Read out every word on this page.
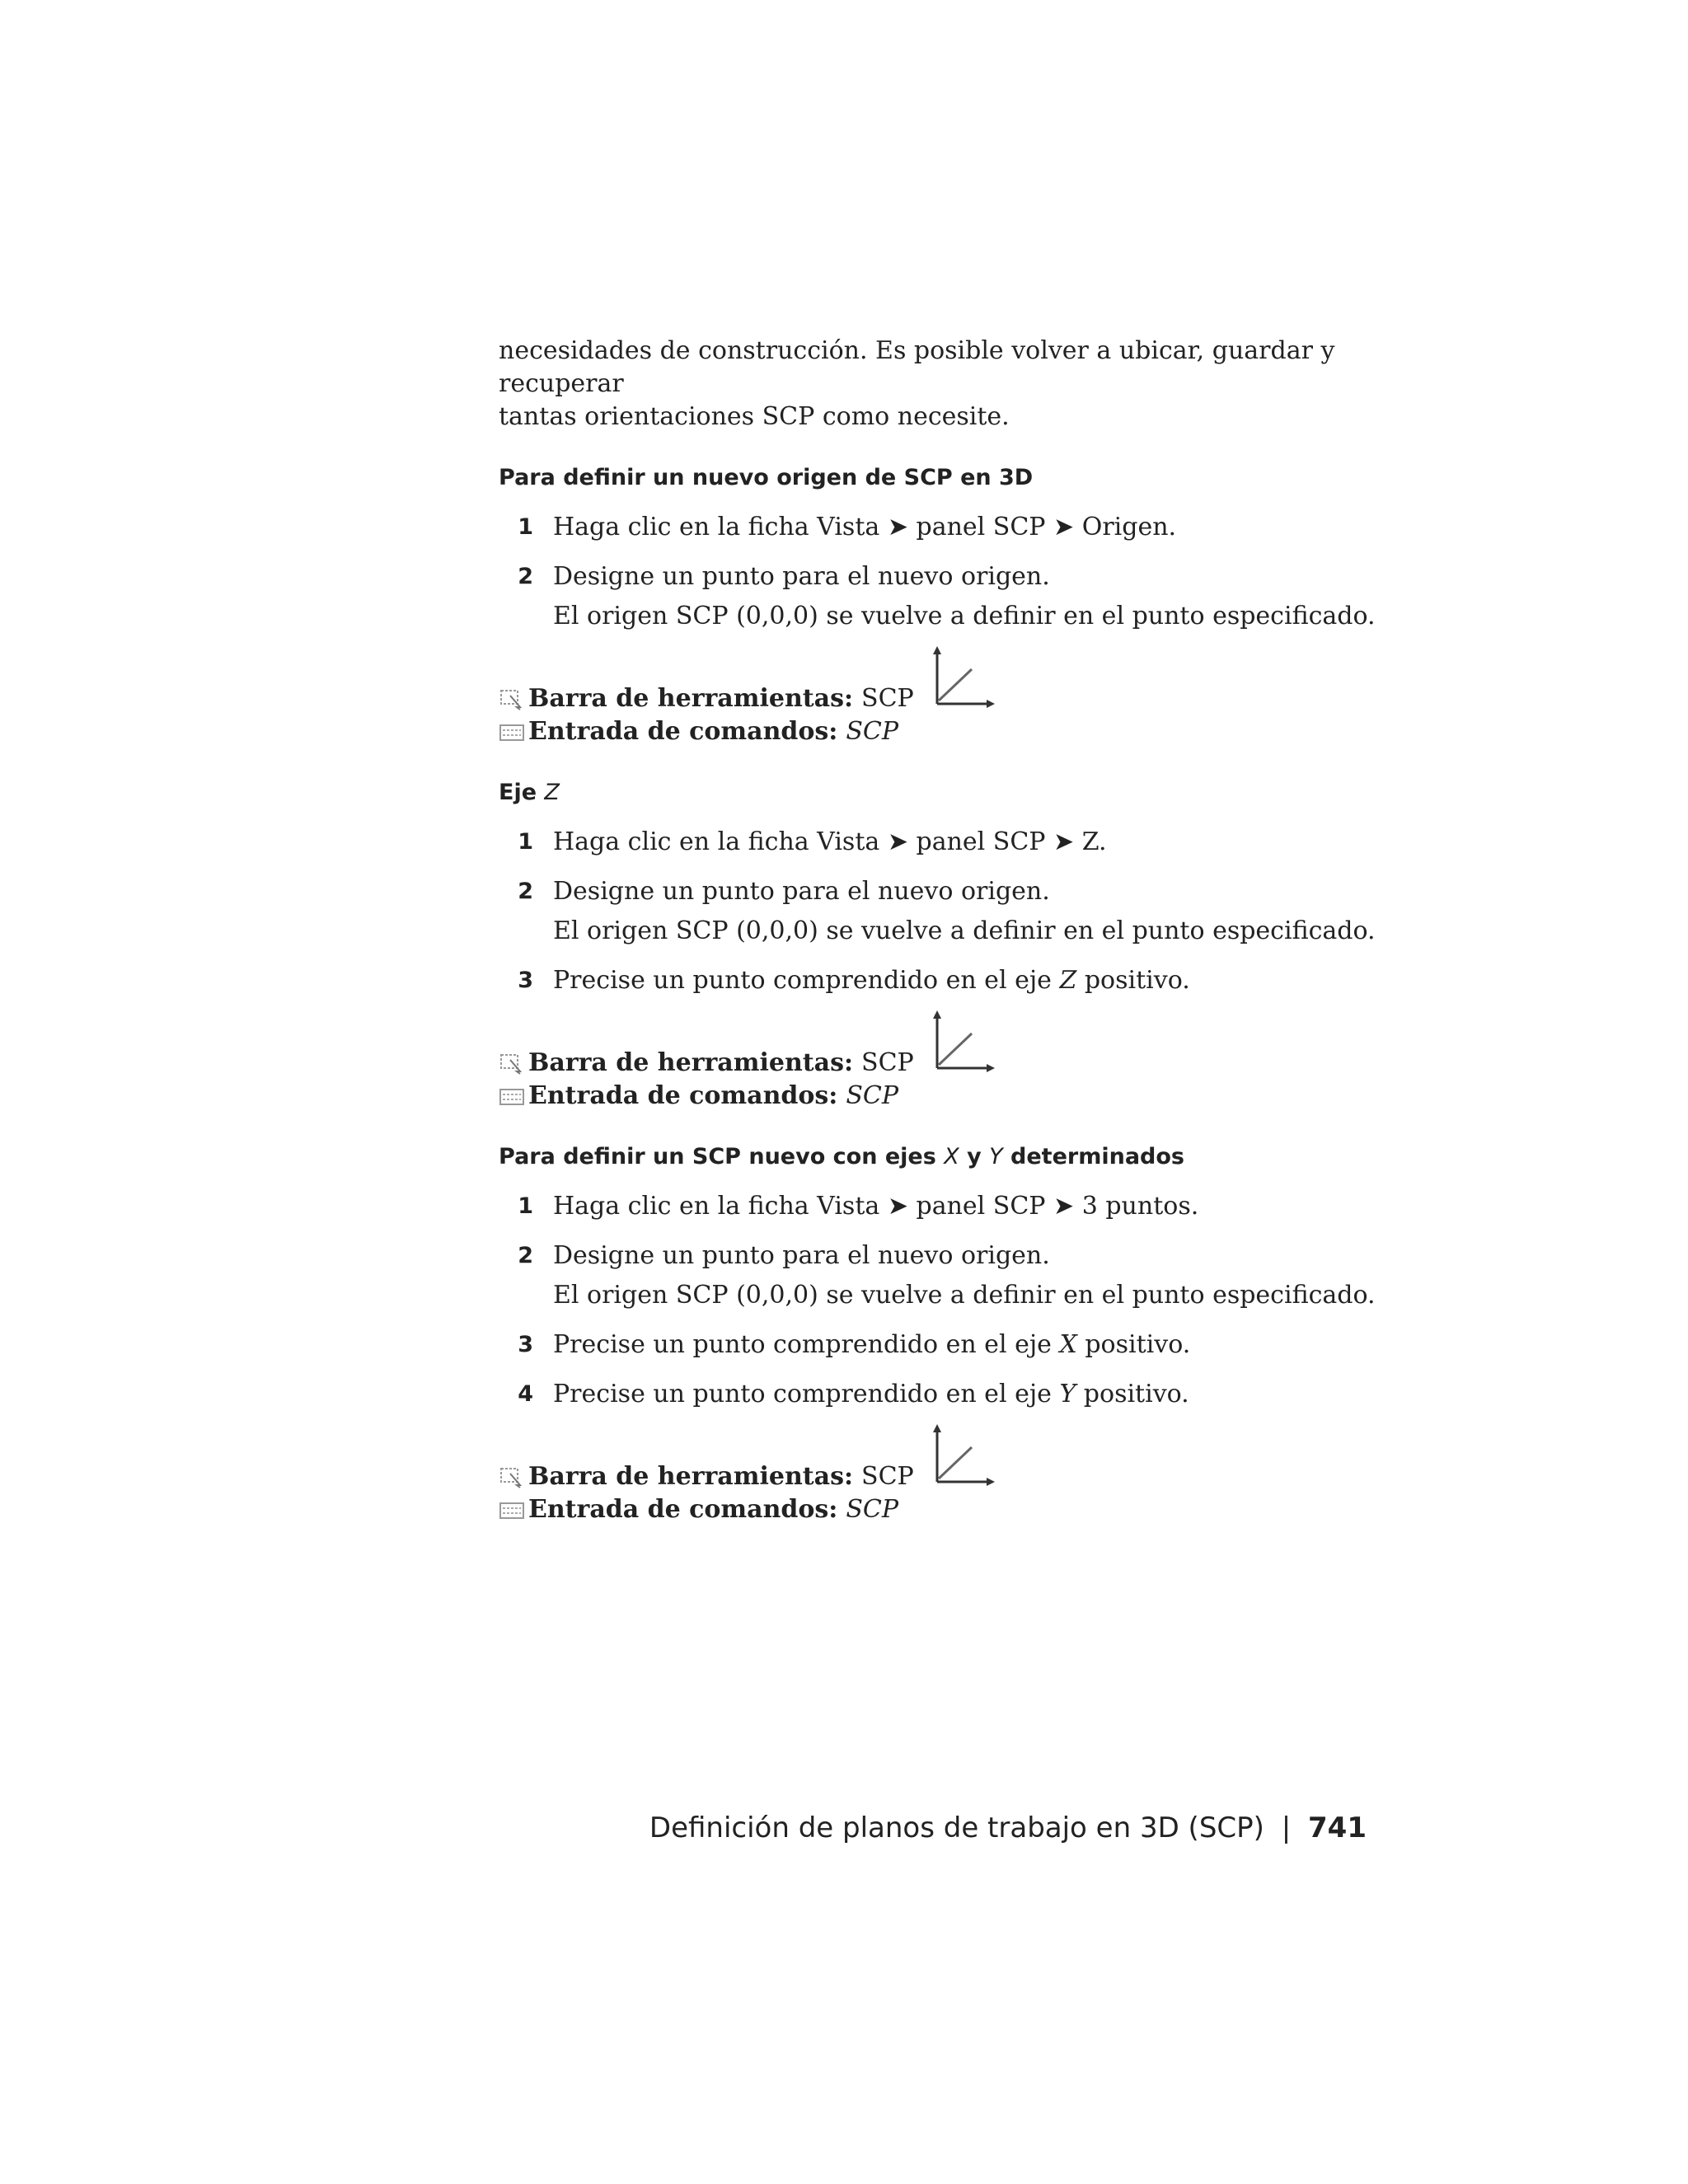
necesidades de construcción. Es posible volver a ubicar, guardar y recuperar
tantas orientaciones SCP como necesite.

Para definir un nuevo origen de SCP en 3D
1 Haga clic en la ficha Vista ➤ panel SCP ➤ Origen.
2 Designe un punto para el nuevo origen.
El origen SCP (0,0,0) se vuelve a definir en el punto especificado.
Barra de herramientas: SCP
Entrada de comandos: SCP
Eje Z
1 Haga clic en la ficha Vista ➤ panel SCP ➤ Z.
2 Designe un punto para el nuevo origen.
El origen SCP (0,0,0) se vuelve a definir en el punto especificado.
3 Precise un punto comprendido en el eje Z positivo.
Barra de herramientas: SCP
Entrada de comandos: SCP
Para definir un SCP nuevo con ejes X y Y determinados
1 Haga clic en la ficha Vista ➤ panel SCP ➤ 3 puntos.
2 Designe un punto para el nuevo origen.
El origen SCP (0,0,0) se vuelve a definir en el punto especificado.
3 Precise un punto comprendido en el eje X positivo.
4 Precise un punto comprendido en el eje Y positivo.
Barra de herramientas: SCP
Entrada de comandos: SCP
Definición de planos de trabajo en 3D (SCP) | 741
